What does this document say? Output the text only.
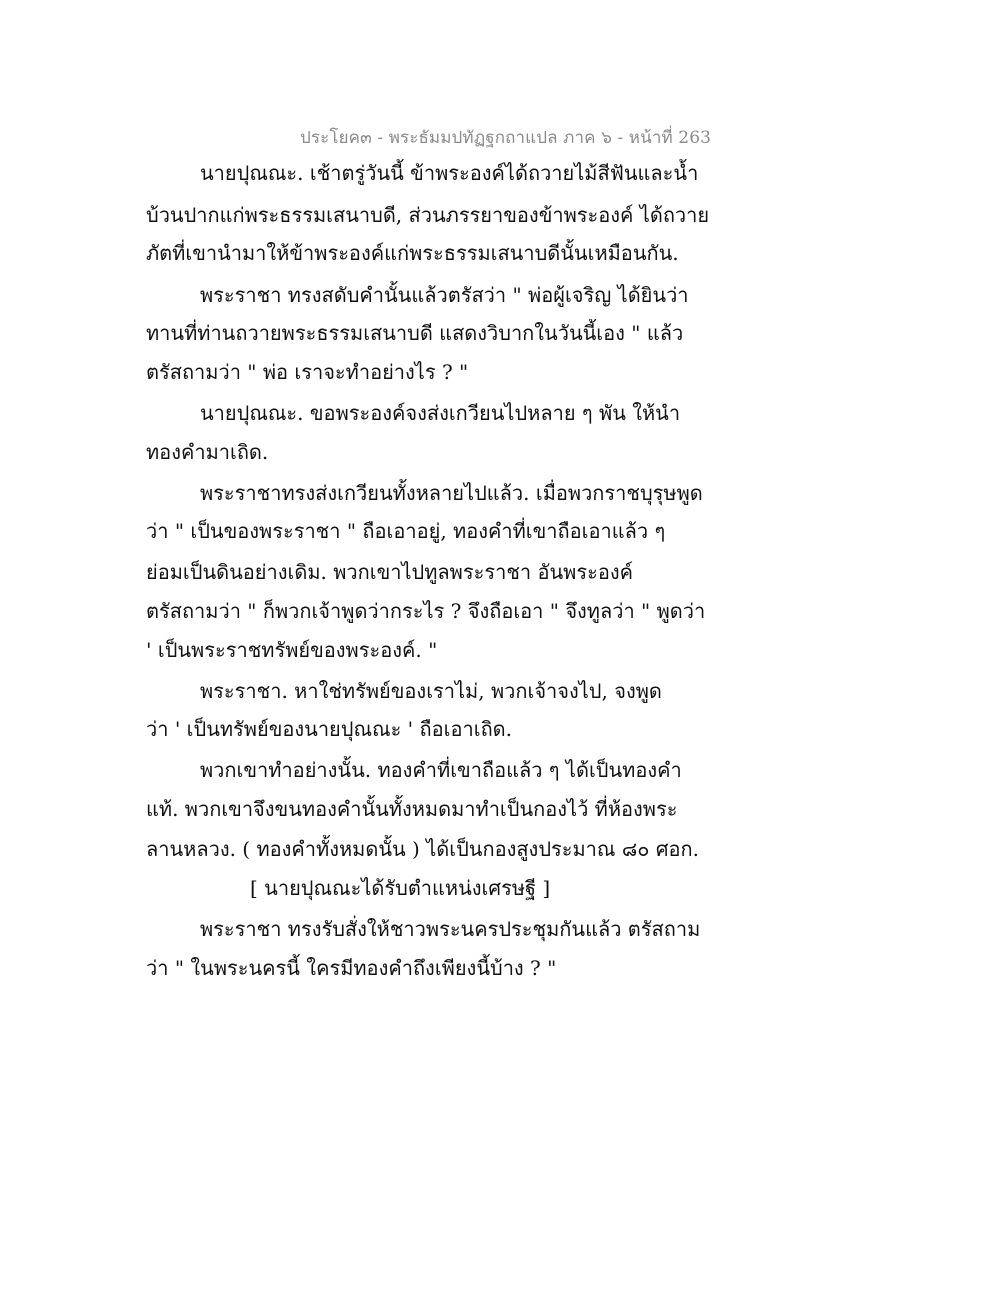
ประโยค๓ - พระธัมมปทัฏฐกถาแปล ภาค ๖ - หน้าที่ 263
นายปุณณะ. เช้าตรู่วันนี้ ข้าพระองค์ได้ถวายไม้สีฟันและน้ำ
บ้วนปากแก่พระธรรมเสนาบดี, ส่วนภรรยาของข้าพระองค์ ได้ถวาย
ภัตที่เขานำมาให้ข้าพระองค์แก่พระธรรมเสนาบดีนั้นเหมือนกัน.
พระราชา ทรงสดับคำนั้นแล้วตรัสว่า " พ่อผู้เจริญ ได้ยินว่า
ทานที่ท่านถวายพระธรรมเสนาบดี แสดงวิบากในวันนี้เอง " แล้ว
ตรัสถามว่า " พ่อ เราจะทำอย่างไร ? "
นายปุณณะ. ขอพระองค์จงส่งเกวียนไปหลาย ๆ พัน ให้นำ
ทองคำมาเถิด.
พระราชาทรงส่งเกวียนทั้งหลายไปแล้ว. เมื่อพวกราชบุรุษพูด
ว่า " เป็นของพระราชา " ถือเอาอยู่, ทองคำที่เขาถือเอาแล้ว ๆ
ย่อมเป็นดินอย่างเดิม. พวกเขาไปทูลพระราชา อันพระองค์
ตรัสถามว่า " ก็พวกเจ้าพูดว่ากระไร ? จึงถือเอา " จึงทูลว่า " พูดว่า
' เป็นพระราชทรัพย์ของพระองค์. "
พระราชา. หาใช่ทรัพย์ของเราไม่, พวกเจ้าจงไป, จงพูด
ว่า ' เป็นทรัพย์ของนายปุณณะ ' ถือเอาเถิด.
พวกเขาทำอย่างนั้น. ทองคำที่เขาถือแล้ว ๆ ได้เป็นทองคำ
แท้. พวกเขาจึงขนทองคำนั้นทั้งหมดมาทำเป็นกองไว้ ที่ห้องพระ
ลานหลวง. ( ทองคำทั้งหมดนั้น ) ได้เป็นกองสูงประมาณ ๘๐ ศอก.
[ นายปุณณะได้รับตำแหน่งเศรษฐี ]
พระราชา ทรงรับสั่งให้ชาวพระนครประชุมกันแล้ว ตรัสถาม
ว่า " ในพระนครนี้ ใครมีทองคำถึงเพียงนี้บ้าง ? "
